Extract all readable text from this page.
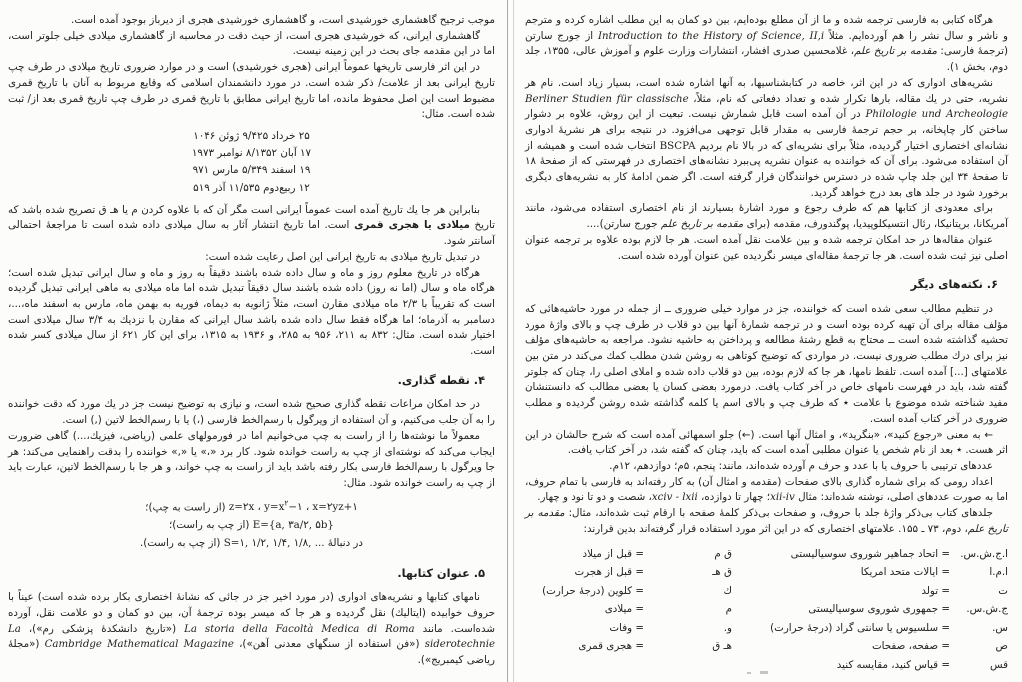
موجب ترجیح گاهشماری خورشیدی است، و گاهشماری خورشیدی هجری از دیرباز بوجود آمده است.

گاهشماری ایرانی، که خورشیدی هجری است، از حیث دقت در محاسبه از گاهشماری میلادی خیلی جلوتر است، اما در این مقدمه جای بحث در این زمینه نیست.

در این اثر فارسی تاریخها عموماً ایرانی (هجری خورشیدی) است و در موارد ضروری تاریخ میلادی در طرف چپ تاریخ ایرانی بعد از علامت/ ذکر شده است. در مورد دانشمندان اسلامی که وقایع مربوط به آنان با تاریخ قمری مضبوط است این اصل محفوظ مانده، اما تاریخ ایرانی مطابق با تاریخ قمری در طرف چپ تاریخ قمری بعد از/ ثبت شده است. مثال:

۲۵ خرداد ۹/۴۲۵ ژوئن ۱۰۴۶
۱۷ آبان ۸/۱۳۵۲ نوامبر ۱۹۷۳
۱۹ اسفند ۵/۳۴۹ مارس ۹۷۱
۱۲ ربیع‌دوم ۱۱/۵۳۵ آذر ۵۱۹

بنابراین هر جا یك تاریخ آمده است عموماً ایرانی است مگر آن که با علاوه کردن م یا هـ ق تصریح شده باشد که تاریخ میلادی یا هجری قمری است. اما تاریخ انتشار آثار به سال میلادی داده شده است تا مراجعهٔ احتمالی آسانتر شود.

در تبدیل تاریخ میلادی به تاریخ ایرانی این اصل رعایت شده است:

هرگاه در تاریخ معلوم روز و ماه و سال داده شده باشند دقیقاً به روز و ماه و سال ایرانی تبدیل شده است؛ هرگاه ماه و سال (اما نه روز) داده شده باشند سال دقیقاً تبدیل شده اما ماه میلادی به ماهی ایرانی تبدیل گردیده است که تقریباً با ۲/۳ ماه میلادی مقارن است، مثلاً ژانویه به دیماه، فوریه به بهمن ماه، مارس به اسفند ماه،...، دسامبر به آذرماه؛ اما هرگاه فقط سال داده شده باشد سال ایرانی که مقارن با نزدیك به ۳/۴ سال میلادی است اختیار شده است. مثال: ۸۳۲ به ۲۱۱، ۹۵۶ به ۲۸۵، و ۱۹۳۶ به ۱۳۱۵، برای این کار ۶۲۱ از سال میلادی کسر شده است.

۴. نقطه گذاری.

در حد امکان مراعات نقطه گذاری صحیح شده است، و نیازی به توضیح نیست جز در یك مورد که دقت خواننده را به آن جلب می‌کنیم، و آن استفاده از ویرگول با رسم‌الخط فارسی (،) یا با رسم‌الخط لاتین (,) است.

معمولاً ما نوشته‌ها را از راست به چپ می‌خوانیم اما در فورمولهای علمی (ریاضی، فیزیك،...) گاهی ضرورت ایجاب می‌کند که نوشته‌ای از چپ به راست خوانده شود. کار برد «،» یا «,» خواننده را بدقت راهنمایی می‌کند: هر جا ویرگول با رسم‌الخط فارسی بکار رفته باشد باید از راست به چپ خواند، و هر جا با رسم‌الخط لاتین، عبارت باید از چپ به راست خوانده شود. مثال:

z=۲x ، $y=x^۲-۱$ ، x=۲yz+۱ (از راست به چپ)؛
E={a, ۳a/۲, ۵b} (از چپ به راست)؛
در دنبالهٔ S=۱, ۱/۲, ۱/۴, ۱/۸, ... (از چپ به راست).
۵. عنوان کتابها.

نامهای کتابها و نشریه‌های ادواری (در مورد اخیر جز در جائی که نشانهٔ اختصاری بکار برده شده است) عیناً با حروف خوابیده (ایتالیك) نقل گردیده و هر جا که میسر بوده ترجمهٔ آن، بین دو کمان و دو علامت نقل، آورده شده‌است. مانند La storia della Facoltà Medica di Roma («تاریخ دانشکدهٔ پزشکی رم»)، La siderotechnie («فن استفاده از سنگهای معدنی آهن»)، Cambridge Mathematical Magazine («مجلهٔ ریاضی کیمبریج»).

هرگاه کتابی به فارسی ترجمه شده و ما از آن مطلع بوده‌ایم، بین دو کمان به این مطلب اشاره کرده و مترجم و ناشر و سال نشر را هم آورده‌ایم. مثلاً Introduction to the History of Science, II,i از جورج سارتن (ترجمهٔ فارسی: مقدمه بر تاریخ علم، غلامحسین صدری افشار، انتشارات وزارت علوم و آموزش عالی، ۱۳۵۵، جلد دوم، بخش ۱).

نشریه‌های ادواری که در این اثر، خاصه در کتابشناسیها، به آنها اشاره شده است، بسیار زیاد است. نام هر نشریه، حتی در یك مقاله، بارها تکرار شده و تعداد دفعاتی که نام، مثلاً، Berliner Studien für classische Philologie und Archeologie در آن آمده است قابل شمارش نیست. تبعیت از این روش، علاوه بر دشوار ساختن کار چاپخانه، بر حجم ترجمهٔ فارسی به مقدار قابل توجهی می‌افزود. در نتیجه برای هر نشریهٔ ادواری نشانه‌ای اختصاری اختیار گردیده، مثلاً برای نشریه‌ای که در بالا نام بردیم BSCPA انتخاب شده است و همیشه از آن استفاده می‌شود. برای آن که خواننده به عنوان نشریه پی‌ببرد نشانه‌های اختصاری در فهرستی که از صفحهٔ ۱۸ تا صفحهٔ ۳۴ این جلد چاپ شده در دسترس خوانندگان قرار گرفته است. اگر ضمن ادامهٔ کار به نشریه‌های دیگری برخورد شود در جلد های بعد درج خواهد گردید.

برای معدودی از کتابها هم که طرف رجوع و مورد اشارهٔ بسیارند از نام اختصاری استفاده می‌شود، مانند آمریکانا، بریتانیکا، رئال انتسیکلوپیدیا، پوگندورف، مقدمه (برای مقدمه بر تاریخ علم جورج سارتن)....

عنوان مقاله‌ها در حد امکان ترجمه شده و بین علامت نقل آمده است. هر جا لازم بوده علاوه بر ترجمه عنوان اصلی نیز ثبت شده است. هر جا ترجمهٔ مقاله‌ای میسر نگردیده عین عنوان آورده شده است.

۶. نکته‌های دیگر

در تنظیم مطالب سعی شده است که خواننده، جز در موارد خیلی ضروری ــ از جمله در مورد حاشیه‌هائی که مؤلف مقاله برای آن تهیه کرده بوده است و در ترجمه شمارهٔ آنها بین دو قلاب در طرف چپ و بالای واژهٔ مورد تحشیه گذاشته شده است ــ محتاج به قطع رشتهٔ مطالعه و پرداختن به حاشیه نشود. مراجعه به حاشیه‌های مؤلف نیز برای درك مطلب ضروری نیست. در مواردی که توضیح کوتاهی به روشن شدن مطلب کمك می‌کند در متن بین علامتهای [...] آمده است. تلفظ نامها، هر جا که لازم بوده، بین دو قلاب داده شده و املای اصلی را، چنان که جلوتر گفته شد، باید در فهرست نامهای خاص در آخر کتاب یافت. درمورد بعضی کسان یا بعضی مطالب که دانستنشان مفید شناخته شده موضوع با علامت ٭ که طرف چپ و بالای اسم یا کلمه گذاشته شده روشن گردیده و مطلب ضروری در آخر کتاب آمده است.

← به معنی «رجوع کنید»، «بنگرید»، و امثال آنها است. (←) جلو اسمهائی آمده است که شرح حالشان در این اثر هست. ٭ بعد از نام شخص یا عنوان مطلبی آمده است که باید، چنان که گفته شد، در آخر کتاب یافت.

عددهای ترتیبی با حروف یا با عدد و حرف م آورده شده‌اند، مانند: پنجم، ۵م؛ دوازدهم، ۱۲م.

اعداد رومی که برای شماره گذاری بالای صفحات (مقدمه و امثال آن) به کار رفته‌اند به فارسی با تمام حروف، اما به صورت عددهای اصلی، نوشته شده‌اند: مثال xii-iv؛ چهار تا دوازده، xciv - lxii، شصت و دو تا نود و چهار.

جلدهای کتاب بی‌ذکر واژهٔ جلد با حروف، و صفحات بی‌ذکر کلمهٔ صفحه با ارقام ثبت شده‌اند، مثال: مقدمه بر تاریخ علم، دوم، ۷۳ ـ ۱۵۵. علامتهای اختصاری که در این اثر مورد استفاده قرار گرفته‌اند بدین قرارند:

ا.ج.ش.س.
= اتحاد جماهیر شوروی سوسیالیستی
ق م
= قبل از میلاد
ا.م.ا
= ایالات متحد امریکا
ق هـ
= قبل از هجرت
ت
= تولد
ك
= کلوین (درجهٔ حرارت)
ج.ش.س.
= جمهوری شوروی سوسیالیستی
م
= میلادی
س.
= سلسیوس یا سانتی گراد (درجهٔ حرارت)
و.
= وفات
ص
= صفحه، صفحات
هـ ق
= هجری قمری
قس
= قیاس کنید، مقایسه کنید
